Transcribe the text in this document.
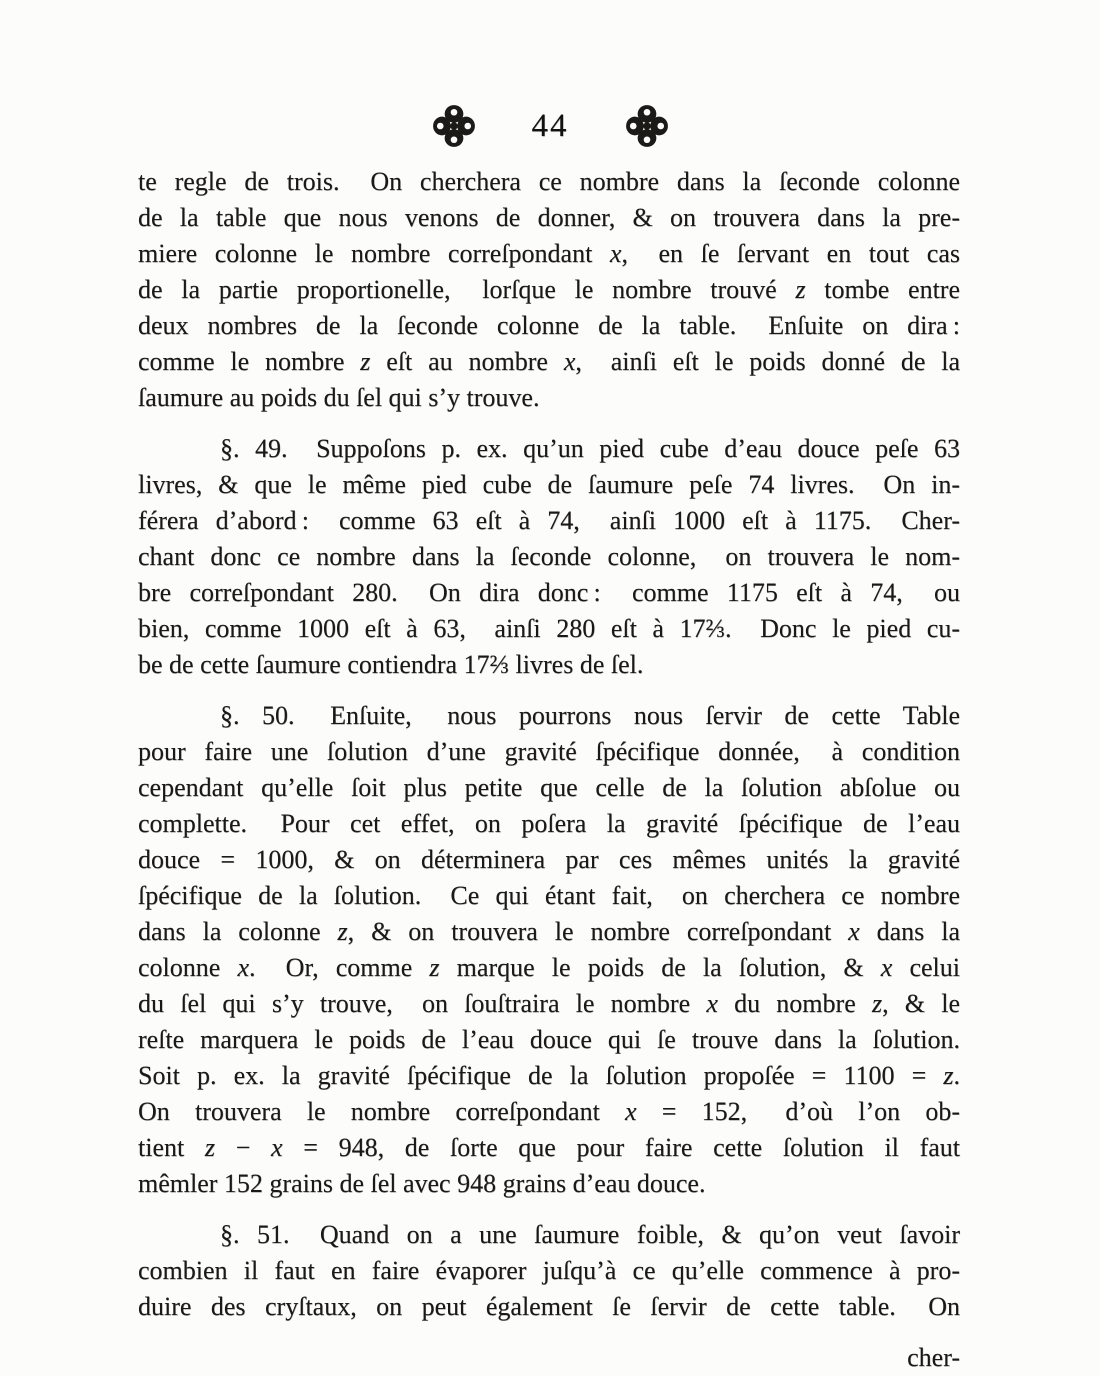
44
te regle de trois.  On cherchera ce nombre dans la ſeconde colonne
de la table que nous venons de donner, & on trouvera dans la pre-
miere colonne le nombre correſpondant x,  en ſe ſervant en tout cas
de la partie proportionelle,  lorſque le nombre trouvé z tombe entre
deux nombres de la ſeconde colonne de la table.  Enſuite on dira :
comme le nombre z eſt au nombre x,  ainſi eſt le poids donné de la
ſaumure au poids du ſel qui s’y trouve.
§. 49.  Suppoſons p. ex. qu’un pied cube d’eau douce peſe 63
livres, & que le même pied cube de ſaumure peſe 74 livres.  On in-
férera d’abord :  comme 63 eſt à 74,  ainſi 1000 eſt à 1175.  Cher-
chant donc ce nombre dans la ſeconde colonne,  on trouvera le nom-
bre correſpondant 280.  On dira donc :  comme 1175 eſt à 74,  ou
bien, comme 1000 eſt à 63,  ainſi 280 eſt à 17⅔.  Donc le pied cu-
be de cette ſaumure contiendra 17⅔ livres de ſel.
§. 50.  Enſuite,  nous pourrons nous ſervir de cette Table
pour faire une ſolution d’une gravité ſpécifique donnée,  à condition
cependant qu’elle ſoit plus petite que celle de la ſolution abſolue ou
complette.  Pour cet effet, on poſera la gravité ſpécifique de l’eau
douce = 1000, & on déterminera par ces mêmes unités la gravité
ſpécifique de la ſolution.  Ce qui étant fait,  on cherchera ce nombre
dans la colonne z, & on trouvera le nombre correſpondant x dans la
colonne x.  Or, comme z marque le poids de la ſolution, & x celui
du ſel qui s’y trouve,  on ſouſtraira le nombre x du nombre z, & le
reſte marquera le poids de l’eau douce qui ſe trouve dans la ſolution.
Soit p. ex. la gravité ſpécifique de la ſolution propoſée = 1100 = z.
On trouvera le nombre correſpondant x = 152,  d’où l’on ob-
tient z − x = 948, de ſorte que pour faire cette ſolution il faut
mêmler 152 grains de ſel avec 948 grains d’eau douce.
§. 51.  Quand on a une ſaumure foible, & qu’on veut ſavoir
combien il faut en faire évaporer juſqu’à ce qu’elle commence à pro-
duire des cryſtaux, on peut également ſe ſervir de cette table.  On
cher-
